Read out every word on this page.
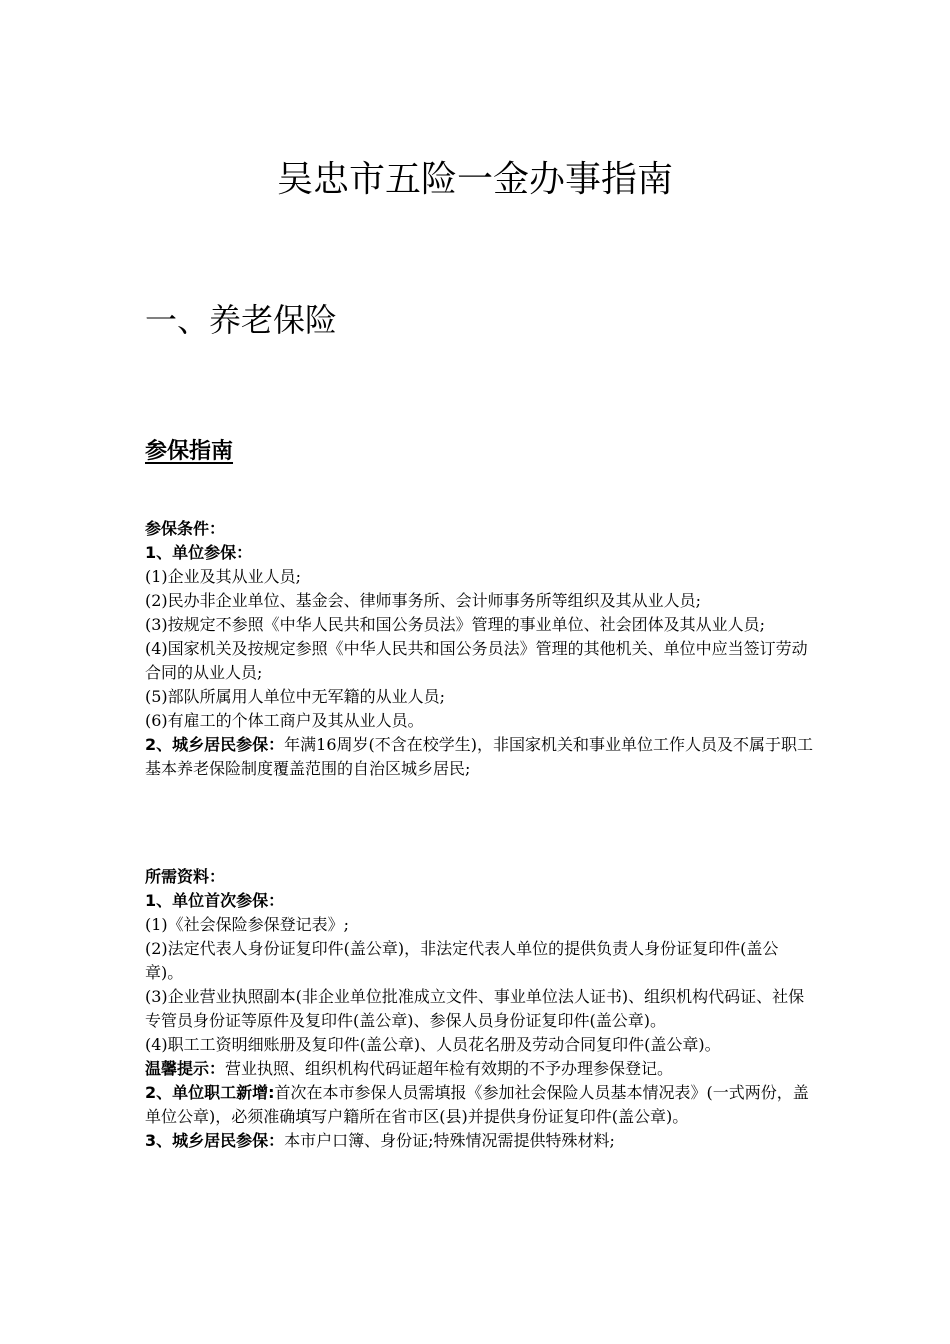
吴忠市五险一金办事指南
一、养老保险
参保指南

参保条件：

1、单位参保：

(1)企业及其从业人员;

(2)民办非企业单位、基金会、律师事务所、会计师事务所等组织及其从业人员;

(3)按规定不参照《中华人民共和国公务员法》管理的事业单位、社会团体及其从业人员;

(4)国家机关及按规定参照《中华人民共和国公务员法》管理的其他机关、单位中应当签订劳动合同的从业人员;

(5)部队所属用人单位中无军籍的从业人员;

(6)有雇工的个体工商户及其从业人员。

2、城乡居民参保：年满16周岁(不含在校学生)，非国家机关和事业单位工作人员及不属于职工基本养老保险制度覆盖范围的自治区城乡居民;

所需资料：

1、单位首次参保：

(1)《社会保险参保登记表》;

(2)法定代表人身份证复印件(盖公章)，非法定代表人单位的提供负责人身份证复印件(盖公章)。

(3)企业营业执照副本(非企业单位批准成立文件、事业单位法人证书)、组织机构代码证、社保专管员身份证等原件及复印件(盖公章)、参保人员身份证复印件(盖公章)。

(4)职工工资明细账册及复印件(盖公章)、人员花名册及劳动合同复印件(盖公章)。

温馨提示：营业执照、组织机构代码证超年检有效期的不予办理参保登记。

2、单位职工新增:首次在本市参保人员需填报《参加社会保险人员基本情况表》(一式两份，盖单位公章)，必须准确填写户籍所在省市区(县)并提供身份证复印件(盖公章)。

3、城乡居民参保：本市户口簿、身份证;特殊情况需提供特殊材料;
